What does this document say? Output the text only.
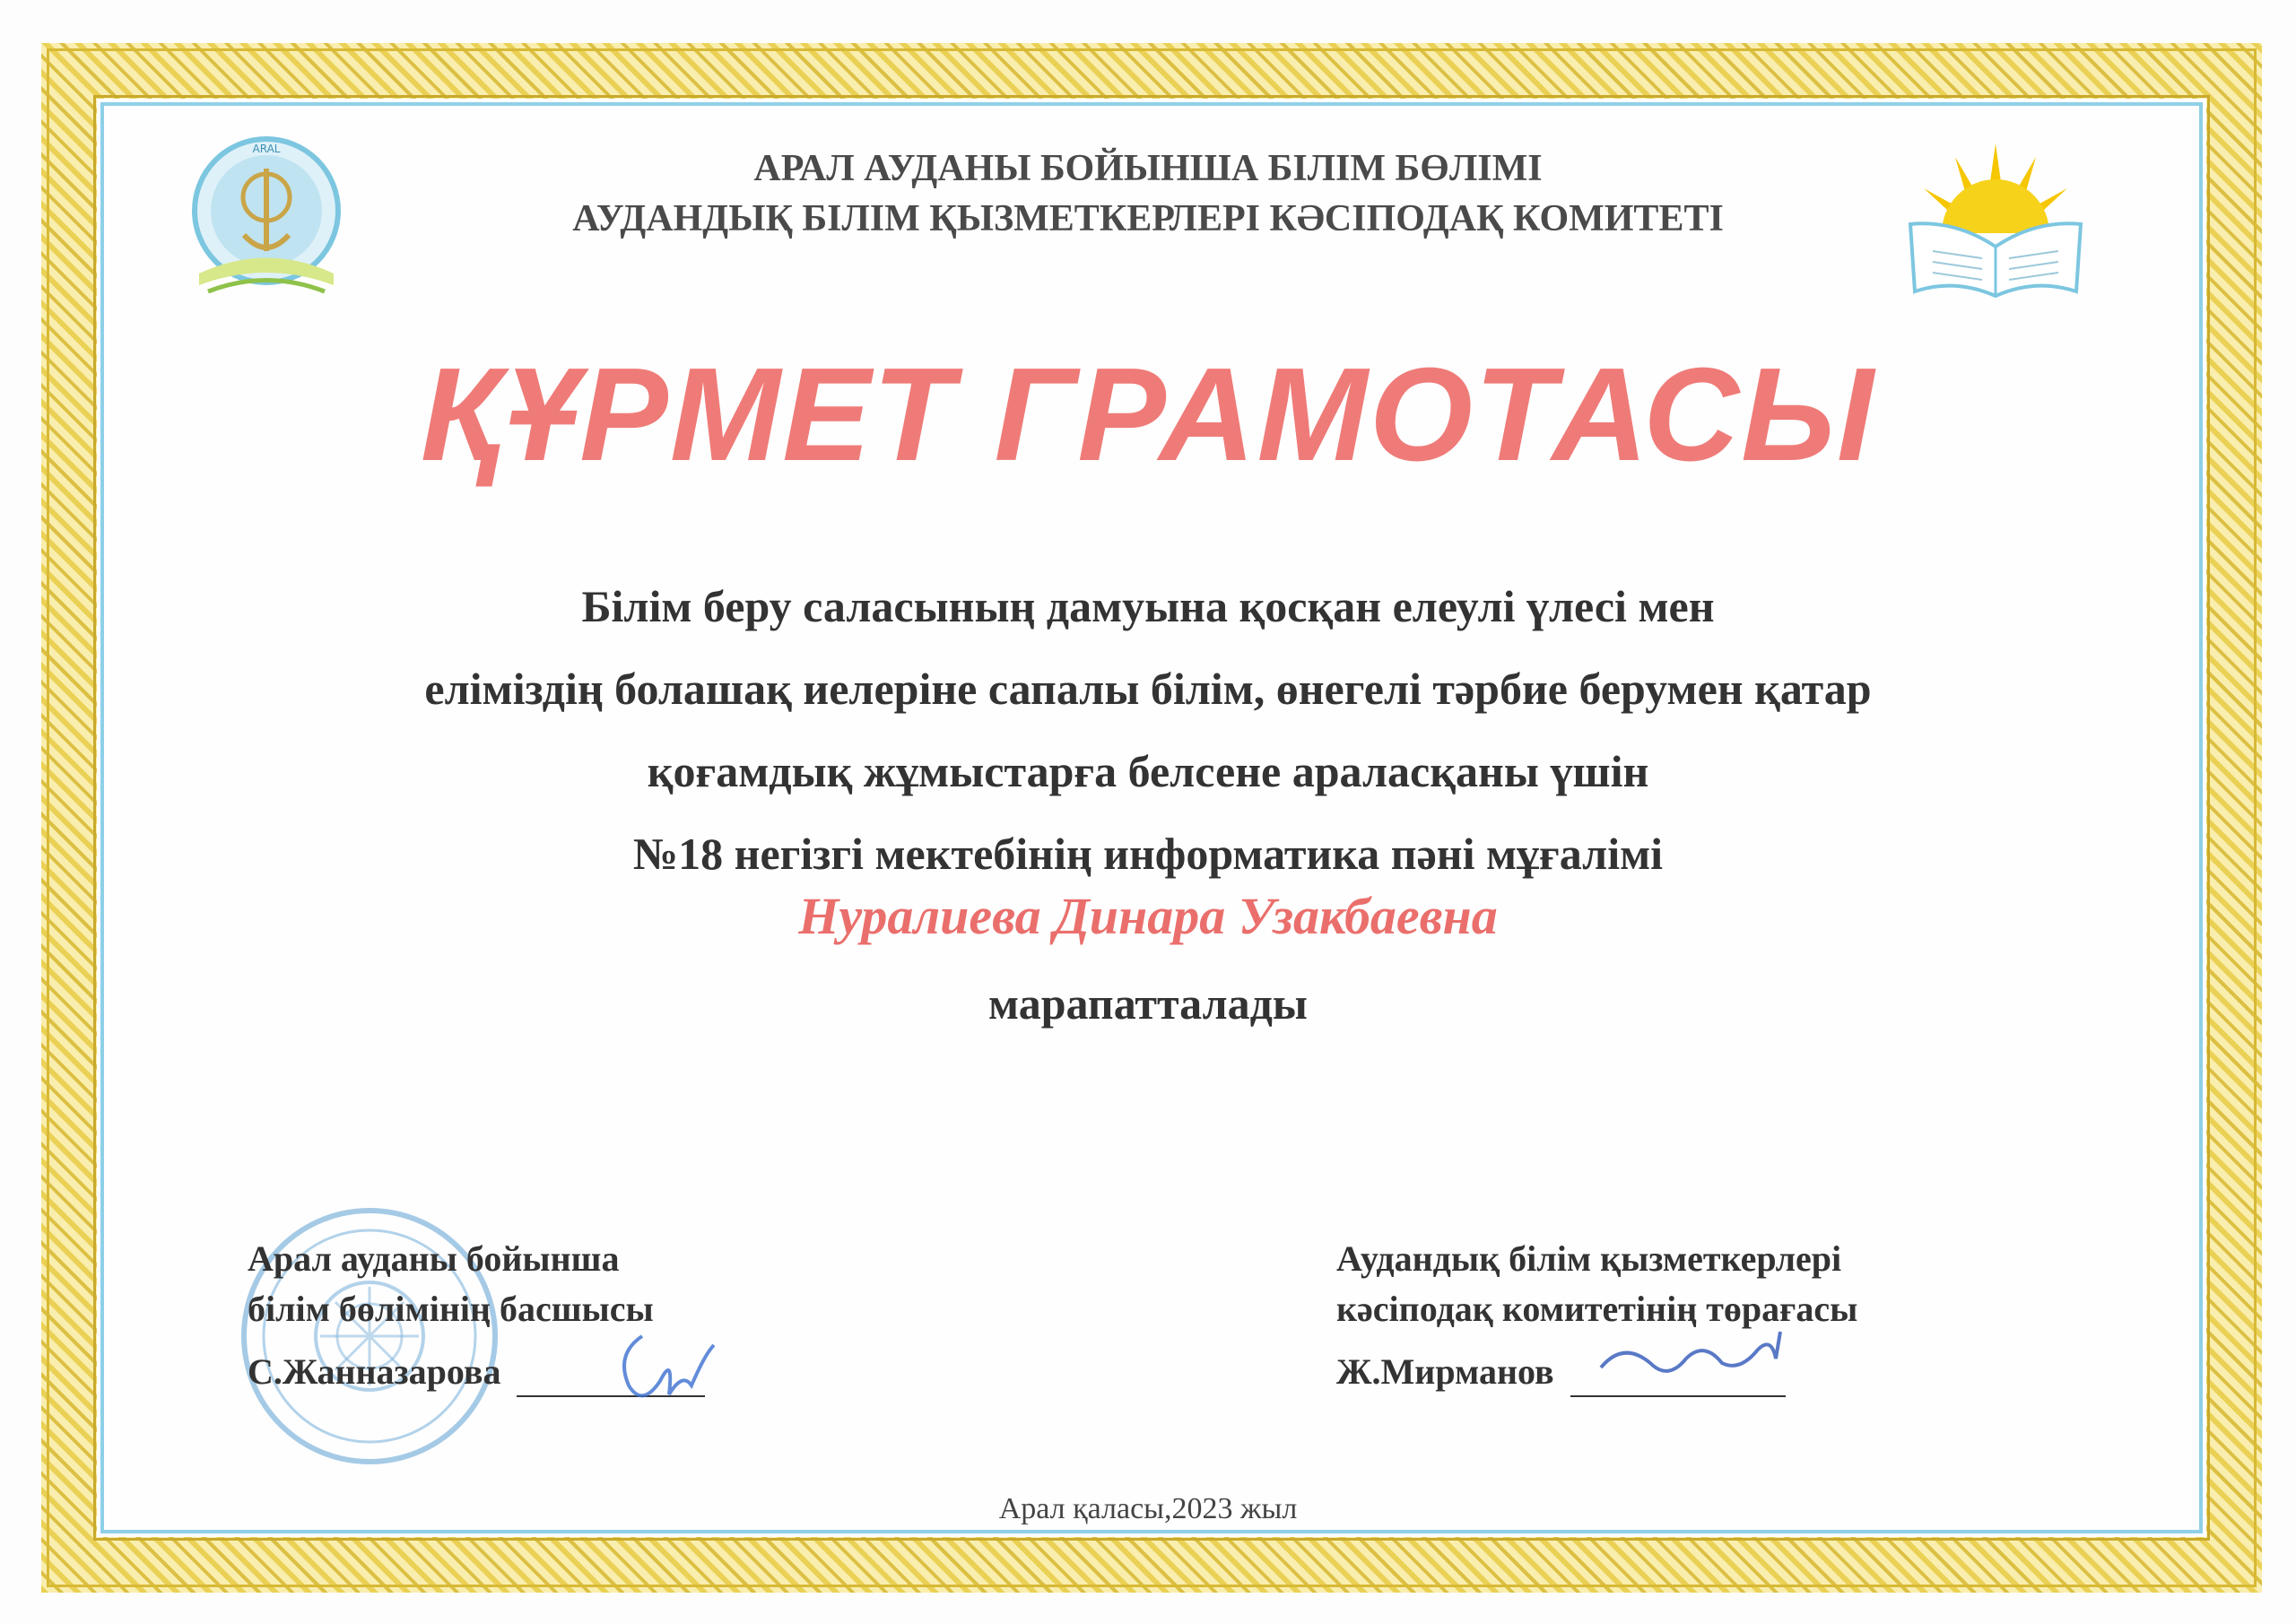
ARAL	АРАЛ АУДАНЫ БОЙЫНША БІЛІМ БӨЛІМІ
АУДАНДЫҚ БІЛІМ ҚЫЗМЕТКЕРЛЕРІ КӘСІПОДАҚ КОМИТЕТІ
ҚҰРМЕТ ГРАМОТАСЫ
Білім беру саласының дамуына қосқан елеулі үлесі мен
еліміздің болашақ иелеріне сапалы білім, өнегелі тәрбие берумен қатар
қоғамдық жұмыстарға белсене араласқаны үшін
№18 негізгі мектебінің информатика пәні мұғалімі
Нуралиева Динара Узакбаевна
марапатталады
Арал ауданы бойынша
білім бөлімінің басшысы
С.Жанназарова
Аудандық білім қызметкерлері
кәсіподақ комитетінің төрағасы
Ж.Мирманов
Арал қаласы,2023 жыл
